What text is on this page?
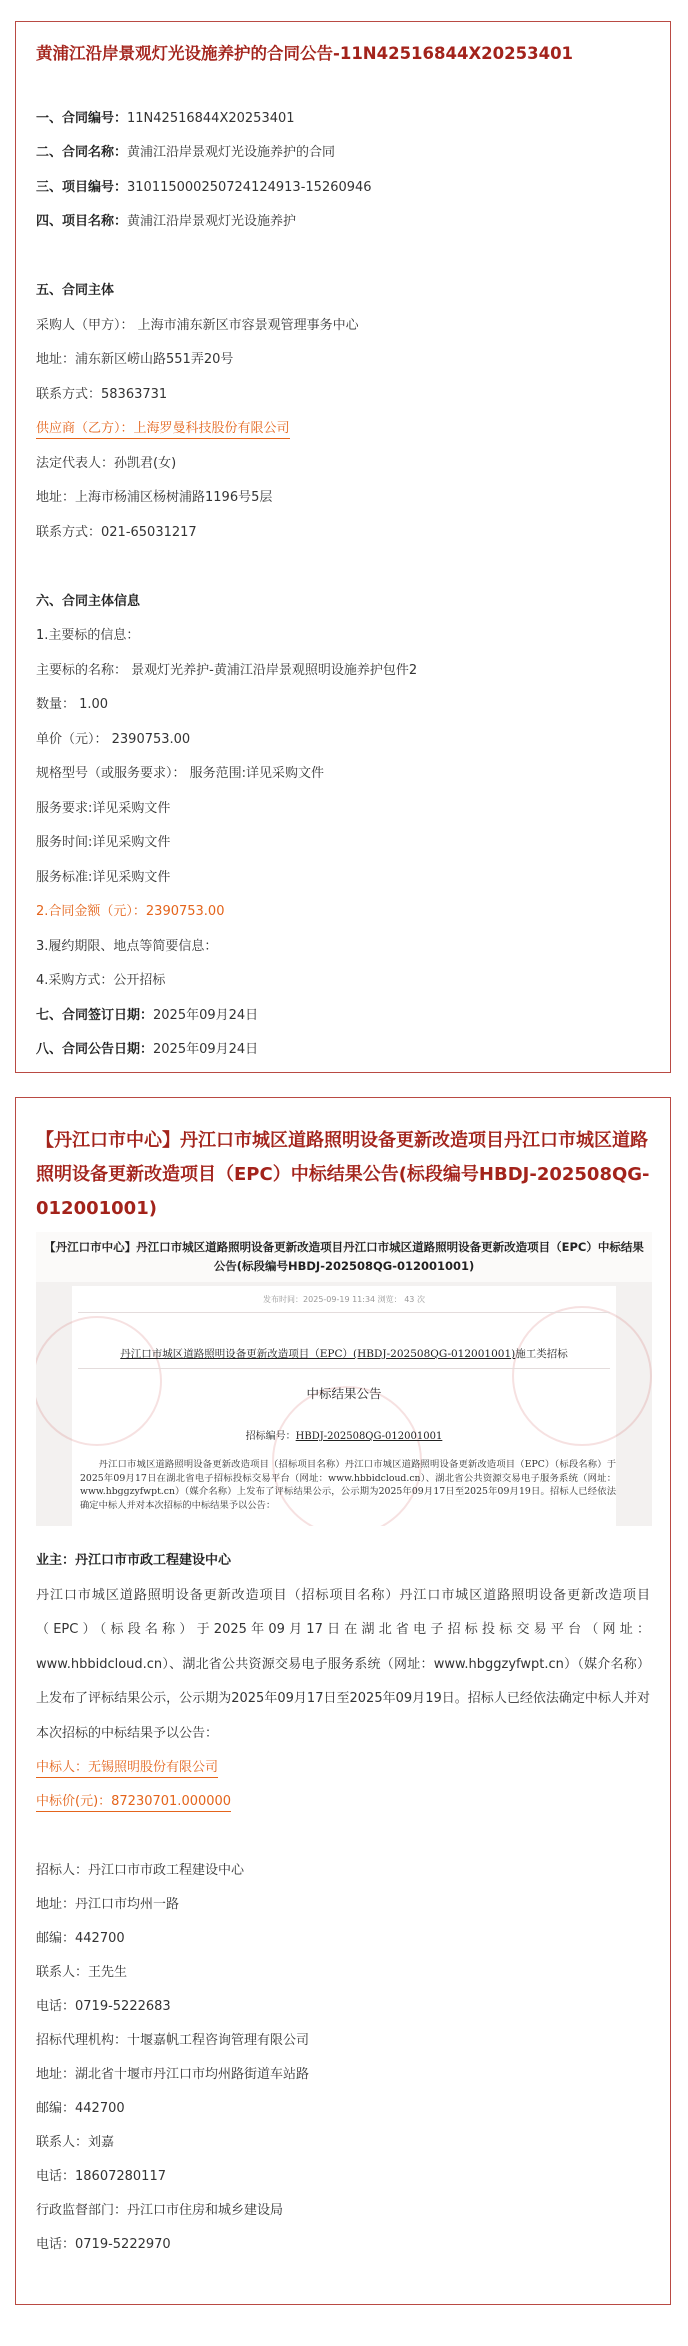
黄浦江沿岸景观灯光设施养护的合同公告-11N42516844X20253401
一、合同编号：11N42516844X20253401
二、合同名称：黄浦江沿岸景观灯光设施养护的合同
三、项目编号：310115000250724124913-15260946
四、项目名称：黄浦江沿岸景观灯光设施养护
五、合同主体
采购人（甲方）： 上海市浦东新区市容景观管理事务中心
地址：浦东新区崂山路551弄20号
联系方式：58363731
供应商（乙方）：上海罗曼科技股份有限公司
法定代表人：孙凯君(女)
地址：上海市杨浦区杨树浦路1196号5层
联系方式：021-65031217
六、合同主体信息
1.主要标的信息：
主要标的名称： 景观灯光养护-黄浦江沿岸景观照明设施养护包件2
数量： 1.00
单价（元）： 2390753.00
规格型号（或服务要求）： 服务范围:详见采购文件
服务要求:详见采购文件
服务时间:详见采购文件
服务标准:详见采购文件
2.合同金额（元）：2390753.00
3.履约期限、地点等简要信息：
4.采购方式：公开招标
七、合同签订日期：2025年09月24日
八、合同公告日期：2025年09月24日
【丹江口市中心】丹江口市城区道路照明设备更新改造项目丹江口市城区道路照明设备更新改造项目（EPC）中标结果公告(标段编号HBDJ-202508QG-012001001)
【丹江口市中心】丹江口市城区道路照明设备更新改造项目丹江口市城区道路照明设备更新改造项目（EPC）中标结果公告(标段编号HBDJ-202508QG-012001001)
发布时间：2025-09-19 11:34 浏览： 43 次
丹江口市城区道路照明设备更新改造项目（EPC）(HBDJ-202508QG-012001001)施工类招标
中标结果公告
招标编号：HBDJ-202508QG-012001001
丹江口市城区道路照明设备更新改造项目（招标项目名称）丹江口市城区道路照明设备更新改造项目（EPC）（标段名称）于2025年09月17日在湖北省电子招标投标交易平台（网址：www.hbbidcloud.cn）、湖北省公共资源交易电子服务系统（网址：www.hbggzyfwpt.cn）（媒介名称）上发布了评标结果公示，公示期为2025年09月17日至2025年09月19日。招标人已经依法确定中标人并对本次招标的中标结果予以公告：
业主：丹江口市市政工程建设中心
丹江口市城区道路照明设备更新改造项目（招标项目名称）丹江口市城区道路照明设备更新改造项目（EPC）（标段名称）于2025年09月17日在湖北省电子招标投标交易平台（网址：www.hbbidcloud.cn）、湖北省公共资源交易电子服务系统（网址：www.hbggzyfwpt.cn）（媒介名称）上发布了评标结果公示，公示期为2025年09月17日至2025年09月19日。招标人已经依法确定中标人并对本次招标的中标结果予以公告：
中标人：无锡照明股份有限公司
中标价(元)：87230701.000000
招标人：丹江口市市政工程建设中心
地址：丹江口市均州一路
邮编：442700
联系人：王先生
电话：0719-5222683
招标代理机构：十堰嘉帆工程咨询管理有限公司
地址：湖北省十堰市丹江口市均州路街道车站路
邮编：442700
联系人：刘嘉
电话：18607280117
行政监督部门：丹江口市住房和城乡建设局
电话：0719-5222970
